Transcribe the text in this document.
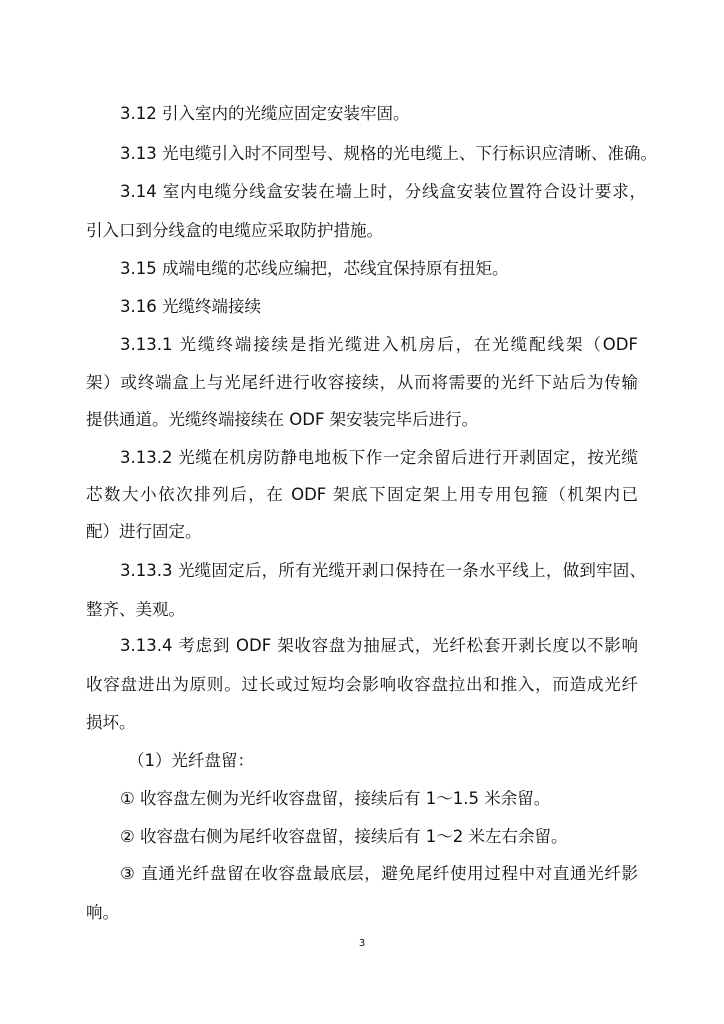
3.12 引入室内的光缆应固定安装牢固。
3.13 光电缆引入时不同型号、规格的光电缆上、下行标识应清晰、准确。
3.14 室内电缆分线盒安装在墙上时，分线盒安装位置符合设计要求，
引入口到分线盒的电缆应采取防护措施。
3.15 成端电缆的芯线应编把，芯线宜保持原有扭矩。
3.16 光缆终端接续
3.13.1 光缆终端接续是指光缆进入机房后，在光缆配线架（ODF
架）或终端盒上与光尾纤进行收容接续，从而将需要的光纤下站后为传输
提供通道。光缆终端接续在 ODF 架安装完毕后进行。
3.13.2 光缆在机房防静电地板下作一定余留后进行开剥固定，按光缆
芯数大小依次排列后，在 ODF 架底下固定架上用专用包箍（机架内已
配）进行固定。
3.13.3 光缆固定后，所有光缆开剥口保持在一条水平线上，做到牢固、
整齐、美观。
3.13.4 考虑到 ODF 架收容盘为抽屉式，光纤松套开剥长度以不影响
收容盘进出为原则。过长或过短均会影响收容盘拉出和推入，而造成光纤
损坏。
（1）光纤盘留：
① 收容盘左侧为光纤收容盘留，接续后有 1～1.5 米余留。
② 收容盘右侧为尾纤收容盘留，接续后有 1～2 米左右余留。
③ 直通光纤盘留在收容盘最底层，避免尾纤使用过程中对直通光纤影
响。
3
